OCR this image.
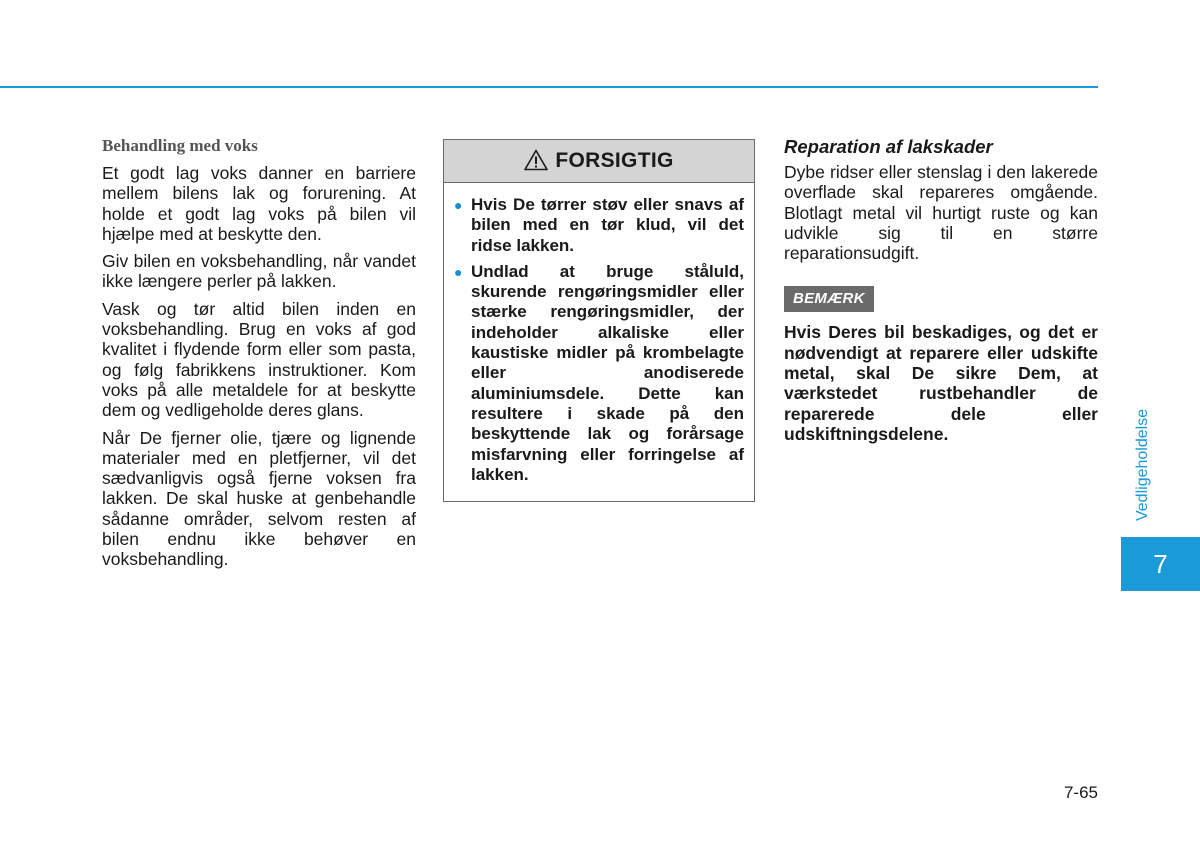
Behandling med voks

Et godt lag voks danner en barriere mellem bilens lak og forurening. At holde et godt lag voks på bilen vil hjælpe med at beskytte den.

Giv bilen en voksbehandling, når vandet ikke længere perler på lakken.

Vask og tør altid bilen inden en voksbehandling. Brug en voks af god kvalitet i flydende form eller som pasta, og følg fabrikkens instruktioner. Kom voks på alle metaldele for at beskytte dem og vedligeholde deres glans.

Når De fjerner olie, tjære og lignende materialer med en pletfjerner, vil det sædvanligvis også fjerne voksen fra lakken. De skal huske at genbehandle sådanne områder, selvom resten af bilen endnu ikke behøver en voksbehandling.

FORSIGTIG
● Hvis De tørrer støv eller snavs af bilen med en tør klud, vil det ridse lakken.
● Undlad at bruge ståluld, skurende rengøringsmidler eller stærke rengøringsmidler, der indeholder alkaliske eller kaustiske midler på krombelagte eller anodiserede aluminiumsdele. Dette kan resultere i skade på den beskyttende lak og forårsage misfarvning eller forringelse af lakken.
Reparation af lakskader

Dybe ridser eller stenslag i den lakerede overflade skal repareres omgående. Blotlagt metal vil hurtigt ruste og kan udvikle sig til en større reparationsudgift.

BEMÆRK

Hvis Deres bil beskadiges, og det er nødvendigt at reparere eller udskifte metal, skal De sikre Dem, at værkstedet rustbehandler de reparerede dele eller udskiftningsdelene.	Vedligeholdelse
7
7-65
